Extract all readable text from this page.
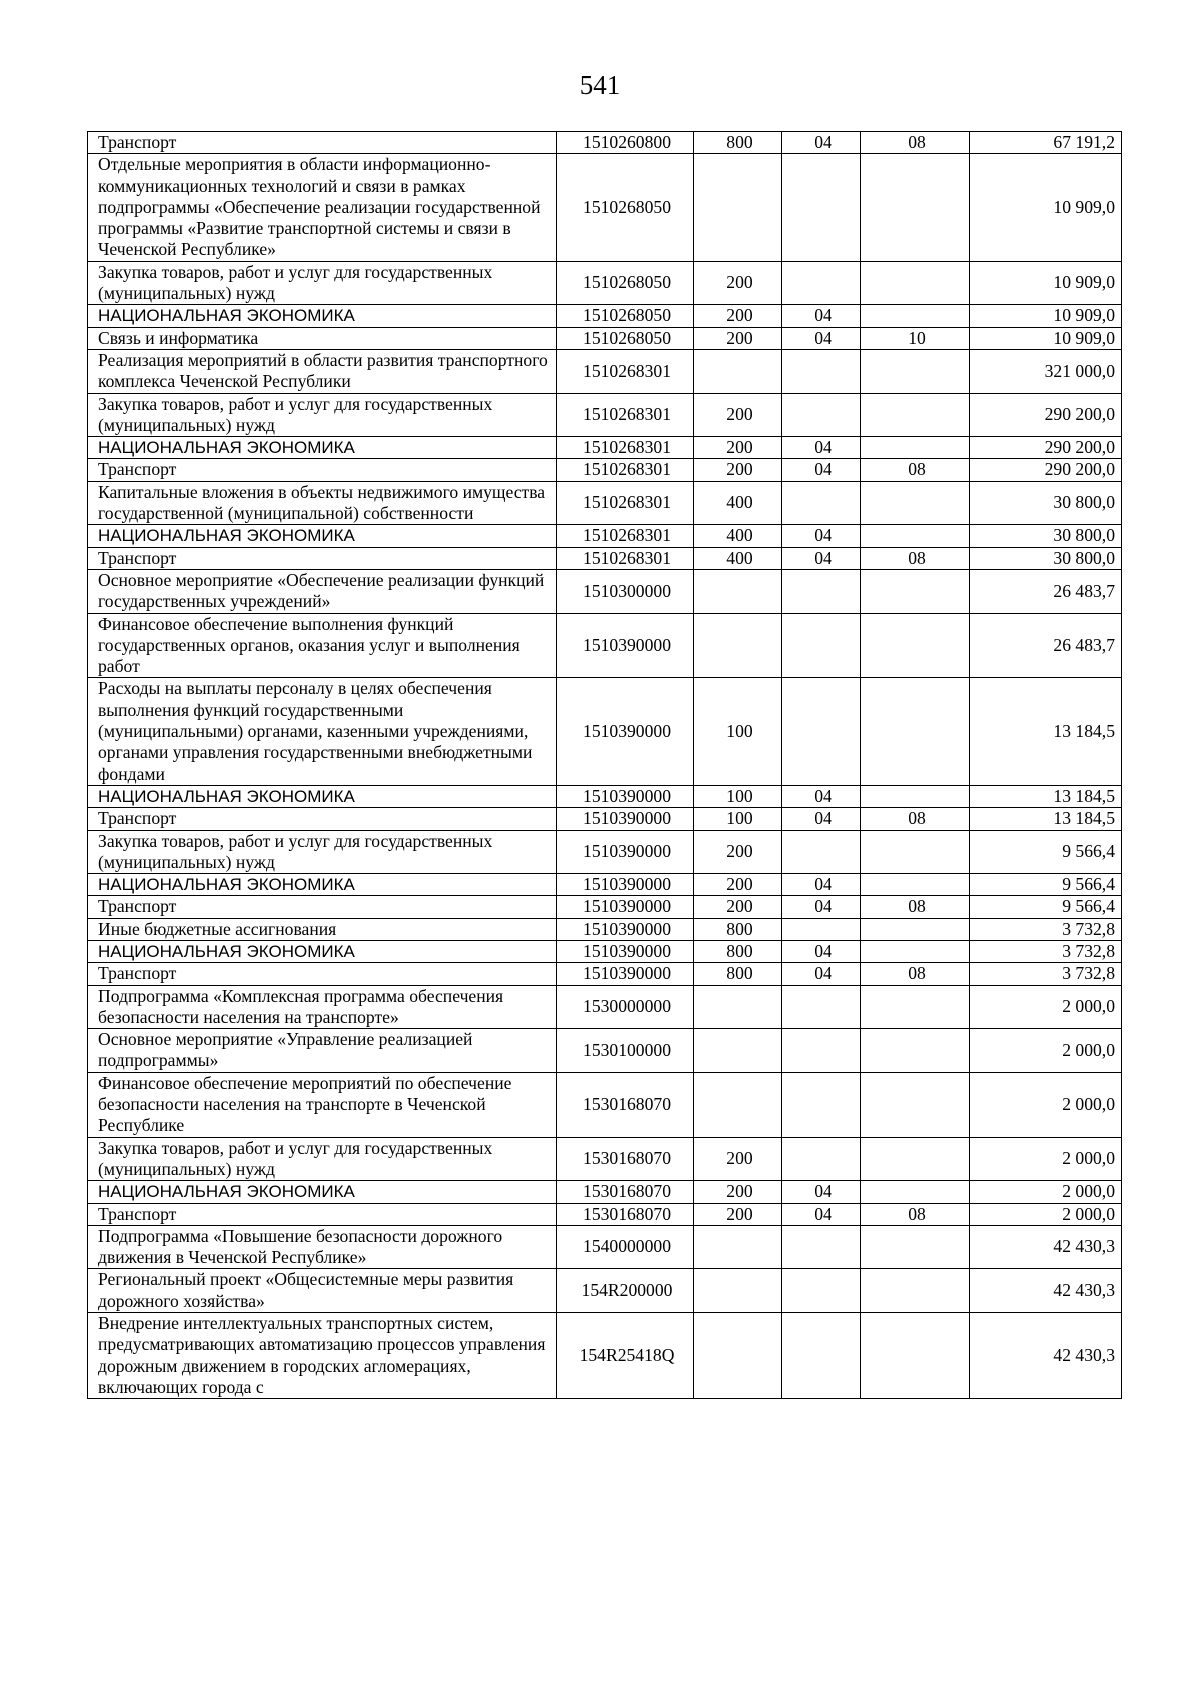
541
Транспорт	1510260800	800	04	08	67 191,2
Отдельные мероприятия в области информационно-коммуникационных технологий и связи в рамках подпрограммы «Обеспечение реализации государственной программы «Развитие транспортной системы и связи в Чеченской Республике»	1510268050				10 909,0
Закупка товаров, работ и услуг для государственных (муниципальных) нужд	1510268050	200			10 909,0
НАЦИОНАЛЬНАЯ ЭКОНОМИКА	1510268050	200	04		10 909,0
Связь и информатика	1510268050	200	04	10	10 909,0
Реализация мероприятий в области развития транспортного комплекса Чеченской Республики	1510268301				321 000,0
Закупка товаров, работ и услуг для государственных (муниципальных) нужд	1510268301	200			290 200,0
НАЦИОНАЛЬНАЯ ЭКОНОМИКА	1510268301	200	04		290 200,0
Транспорт	1510268301	200	04	08	290 200,0
Капитальные вложения в объекты недвижимого имущества государственной (муниципальной) собственности	1510268301	400			30 800,0
НАЦИОНАЛЬНАЯ ЭКОНОМИКА	1510268301	400	04		30 800,0
Транспорт	1510268301	400	04	08	30 800,0
Основное мероприятие «Обеспечение реализации функций государственных учреждений»	1510300000				26 483,7
Финансовое обеспечение выполнения функций государственных органов, оказания услуг и выполнения работ	1510390000				26 483,7
Расходы на выплаты персоналу в целях обеспечения выполнения функций государственными (муниципальными) органами, казенными учреждениями, органами управления государственными внебюджетными фондами	1510390000	100			13 184,5
НАЦИОНАЛЬНАЯ ЭКОНОМИКА	1510390000	100	04		13 184,5
Транспорт	1510390000	100	04	08	13 184,5
Закупка товаров, работ и услуг для государственных (муниципальных) нужд	1510390000	200			9 566,4
НАЦИОНАЛЬНАЯ ЭКОНОМИКА	1510390000	200	04		9 566,4
Транспорт	1510390000	200	04	08	9 566,4
Иные бюджетные ассигнования	1510390000	800			3 732,8
НАЦИОНАЛЬНАЯ ЭКОНОМИКА	1510390000	800	04		3 732,8
Транспорт	1510390000	800	04	08	3 732,8
Подпрограмма «Комплексная программа обеспечения безопасности населения на транспорте»	1530000000				2 000,0
Основное мероприятие «Управление реализацией подпрограммы»	1530100000				2 000,0
Финансовое обеспечение мероприятий по обеспечение безопасности населения на транспорте в Чеченской Республике	1530168070				2 000,0
Закупка товаров, работ и услуг для государственных (муниципальных) нужд	1530168070	200			2 000,0
НАЦИОНАЛЬНАЯ ЭКОНОМИКА	1530168070	200	04		2 000,0
Транспорт	1530168070	200	04	08	2 000,0
Подпрограмма «Повышение безопасности дорожного движения в Чеченской Республике»	1540000000				42 430,3
Региональный проект «Общесистемные меры развития дорожного хозяйства»	154R200000				42 430,3
Внедрение интеллектуальных транспортных систем, предусматривающих автоматизацию процессов управления дорожным движением в городских агломерациях, включающих города с	154R25418Q				42 430,3
